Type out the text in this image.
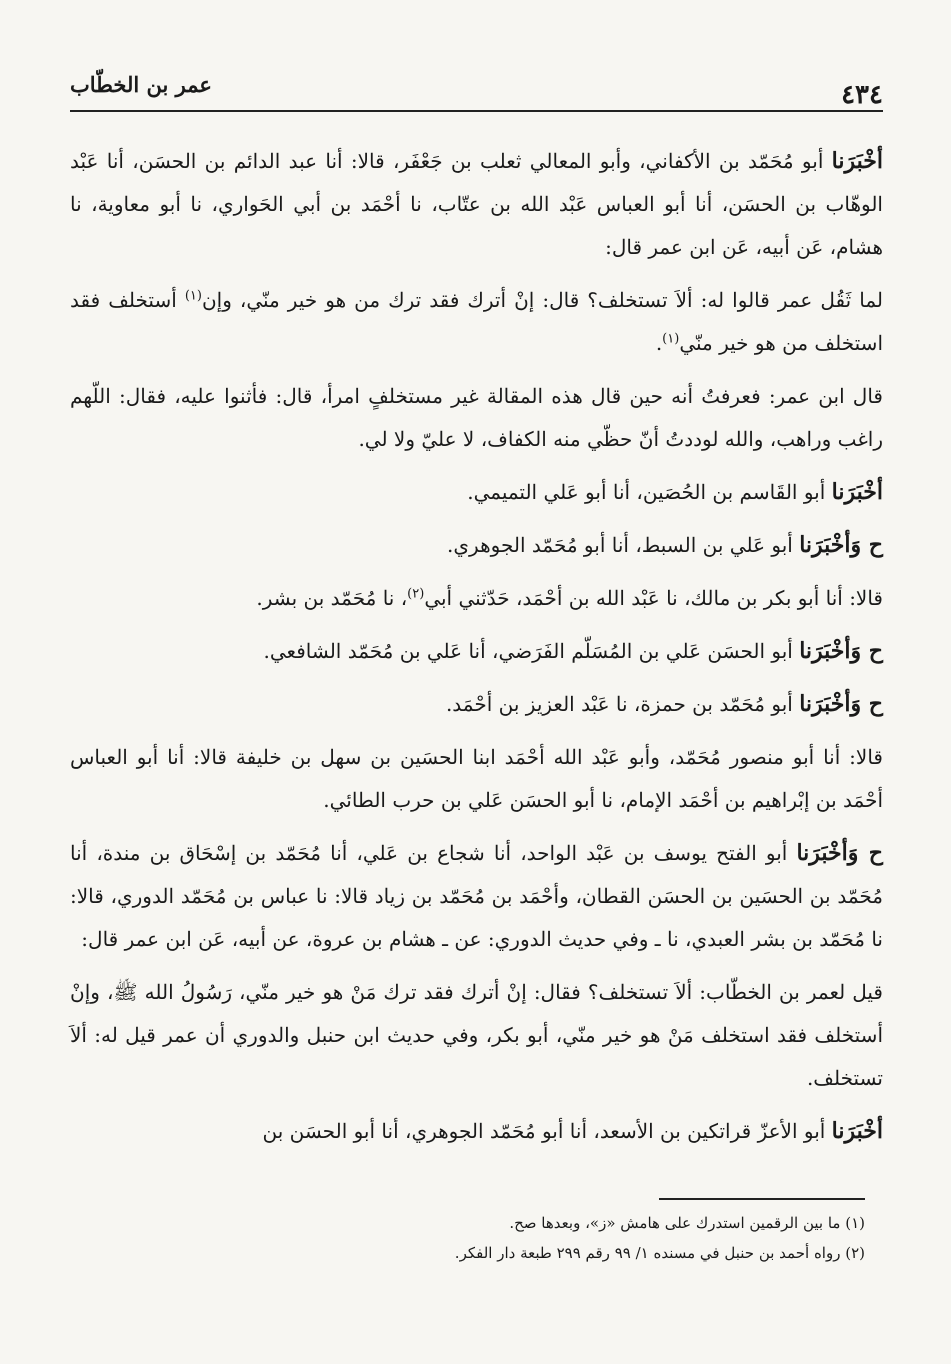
٤٣٤
عمر بن الخطّاب

أخْبَرَنا أبو مُحَمّد بن الأكفاني، وأبو المعالي ثعلب بن جَعْفَر، قالا: أنا عبد الدائم بن الحسَن، أنا عَبْد الوهّاب بن الحسَن، أنا أبو العباس عَبْد الله بن عتّاب، نا أحْمَد بن أبي الحَواري، نا أبو معاوية، نا هشام، عَن أبيه، عَن ابن عمر قال:

لما ثَقُل عمر قالوا له: ألاَ تستخلف؟ قال: إنْ أترك فقد ترك من هو خير منّي، وإن$^{(١)}$ أستخلف فقد استخلف من هو خير منّي$^{(١)}$.

قال ابن عمر: فعرفتُ أنه حين قال هذه المقالة غير مستخلفٍ امرأ، قال: فأثنوا عليه، فقال: اللّهم راغب وراهب، والله لوددتُ أنّ حظّي منه الكفاف، لا عليّ ولا لي.

أخْبَرَنا أبو القَاسم بن الحُصَين، أنا أبو عَلي التميمي.

ح وَأخْبَرَنا أبو عَلي بن السبط، أنا أبو مُحَمّد الجوهري.

قالا: أنا أبو بكر بن مالك، نا عَبْد الله بن أحْمَد، حَدّثني أبي$^{(٢)}$، نا مُحَمّد بن بشر.

ح وَأخْبَرَنا أبو الحسَن عَلي بن المُسَلّم الفَرَضي، أنا عَلي بن مُحَمّد الشافعي.

ح وَأخْبَرَنا أبو مُحَمّد بن حمزة، نا عَبْد العزيز بن أحْمَد.

قالا: أنا أبو منصور مُحَمّد، وأبو عَبْد الله أحْمَد ابنا الحسَين بن سهل بن خليفة قالا: أنا أبو العباس أحْمَد بن إبْراهيم بن أحْمَد الإمام، نا أبو الحسَن عَلي بن حرب الطائي.

ح وَأخْبَرَنا أبو الفتح يوسف بن عَبْد الواحد، أنا شجاع بن عَلي، أنا مُحَمّد بن إسْحَاق بن مندة، أنا مُحَمّد بن الحسَين بن الحسَن القطان، وأحْمَد بن مُحَمّد بن زياد قالا: نا عباس بن مُحَمّد الدوري، قالا: نا مُحَمّد بن بشر العبدي، نا ـ وفي حديث الدوري: عن ـ هشام بن عروة، عن أبيه، عَن ابن عمر قال:

قيل لعمر بن الخطّاب: ألاَ تستخلف؟ فقال: إنْ أترك فقد ترك مَنْ هو خير منّي، رَسُولُ الله ﷺ، وإنْ أستخلف فقد استخلف مَنْ هو خير منّي، أبو بكر، وفي حديث ابن حنبل والدوري أن عمر قيل له: ألاَ تستخلف.

أخْبَرَنا أبو الأعزّ قراتكين بن الأسعد، أنا أبو مُحَمّد الجوهري، أنا أبو الحسَن بن

(١) ما بين الرقمين استدرك على هامش «ز»، وبعدها صح.
(٢) رواه أحمد بن حنبل في مسنده ١/ ٩٩ رقم ٢٩٩ طبعة دار الفكر.
